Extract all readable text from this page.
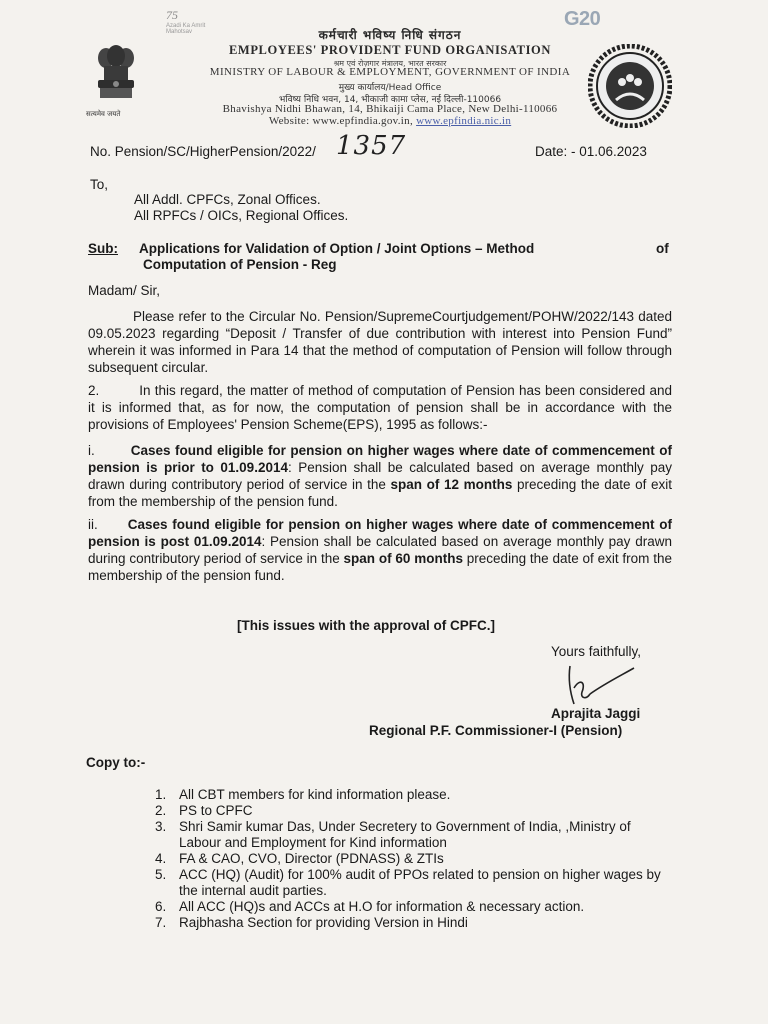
75
Azadi Ka Amrit Mahotsav
G20
सत्यमेव जयते
कर्मचारी भविष्य निधि संगठन
EMPLOYEES' PROVIDENT FUND ORGANISATION
श्रम एवं रोज़गार मंत्रालय, भारत सरकार
MINISTRY OF LABOUR & EMPLOYMENT, GOVERNMENT OF INDIA
मुख्य कार्यालय/Head Office
भविष्य निधि भवन, 14, भीकाजी कामा प्लेस, नई दिल्ली-110066
Bhavishya Nidhi Bhawan, 14, Bhikaiji Cama Place, New Delhi-110066
Website: www.epfindia.gov.in, www.epfindia.nic.in
No. Pension/SC/HigherPension/2022/ 1357	Date: - 01.06.2023
To,
All Addl. CPFCs, Zonal Offices.
All RPFCs / OICs, Regional Offices.
Sub: Applications for Validation of Option / Joint Options – Method	of
Computation of Pension - Reg
Madam/ Sir,
Please refer to the Circular No. Pension/SupremeCourtjudgement/POHW/2022/143 dated 09.05.2023 regarding “Deposit / Transfer of due contribution with interest into Pension Fund” wherein it was informed in Para 14 that the method of computation of Pension will follow through subsequent circular.
2.	In this regard, the matter of method of computation of Pension has been considered and it is informed that, as for now, the computation of pension shall be in accordance with the provisions of Employees' Pension Scheme(EPS), 1995 as follows:-
i.	Cases found eligible for pension on higher wages where date of commencement of pension is prior to 01.09.2014: Pension shall be calculated based on average monthly pay drawn during contributory period of service in the span of 12 months preceding the date of exit from the membership of the pension fund.
ii. Cases found eligible for pension on higher wages where date of commencement of pension is post 01.09.2014: Pension shall be calculated based on average monthly pay drawn during contributory period of service in the span of 60 months preceding the date of exit from the membership of the pension fund.
[This issues with the approval of CPFC.]
Yours faithfully,
Aprajita Jaggi
Regional P.F. Commissioner-I (Pension)
Copy to:-
1. All CBT members for kind information please.
2. PS to CPFC
3. Shri Samir kumar Das, Under Secretery to Government of India, ,Ministry of Labour and Employment for Kind information
4. FA & CAO, CVO, Director (PDNASS) & ZTIs
5. ACC (HQ) (Audit) for 100% audit of PPOs related to pension on higher wages by the internal audit parties.
6. All ACC (HQ)s and ACCs at H.O for information & necessary action.
7. Rajbhasha Section for providing Version in Hindi
